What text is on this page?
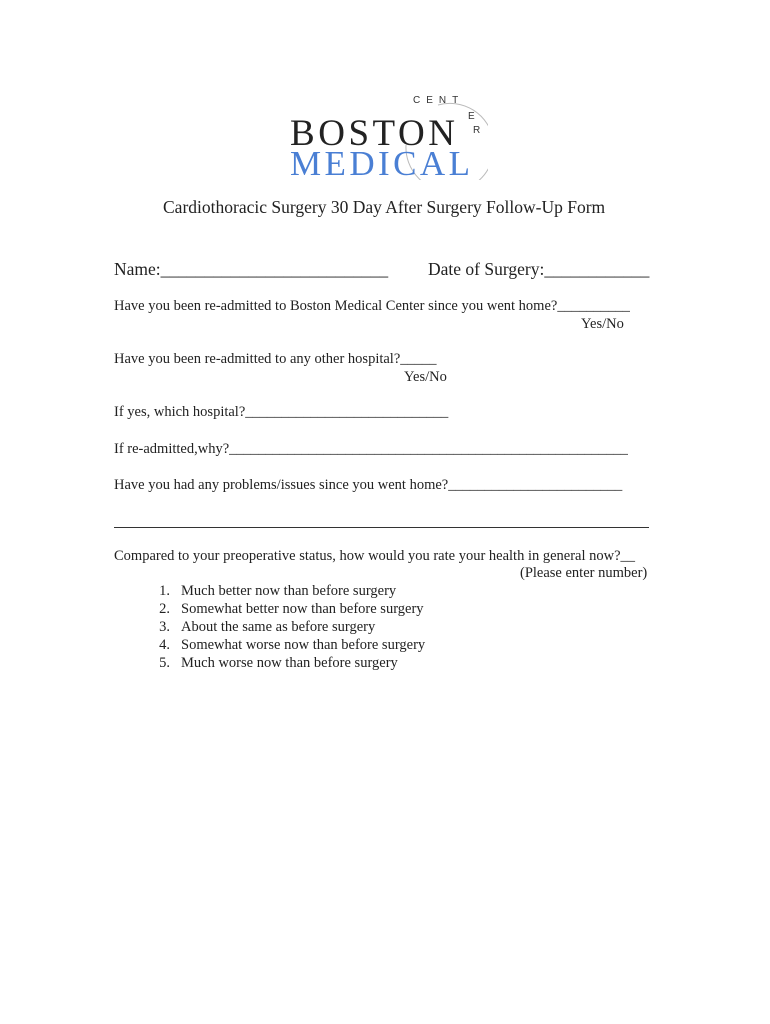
CENT
E
R
BOSTON
MEDICAL
Cardiothoracic Surgery 30 Day After Surgery Follow-Up Form
Name:__________________________ Date of Surgery:____________
Have you been re-admitted to Boston Medical Center since you went home?__________
Yes/No
Have you been re-admitted to any other hospital?_____
Yes/No
If yes, which hospital?____________________________
If re-admitted,why?_______________________________________________________
Have you had any problems/issues since you went home?________________________
Compared to your preoperative status, how would you rate your health in general now?__
(Please enter number)
1. Much better now than before surgery
2. Somewhat better now than before surgery
3. About the same as before surgery
4. Somewhat worse now than before surgery
5. Much worse now than before surgery
